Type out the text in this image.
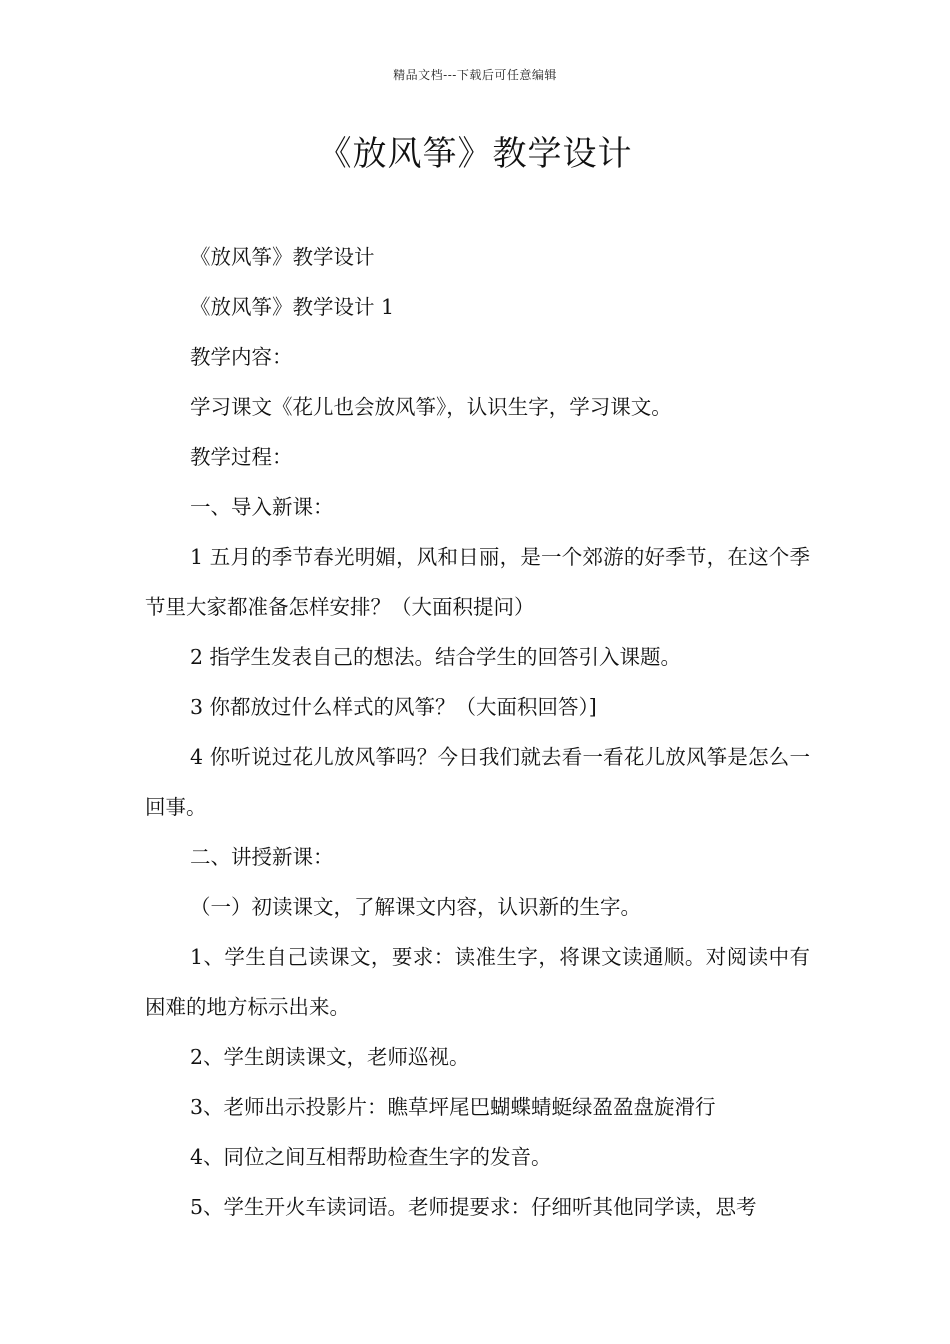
精品文档---下载后可任意编辑
《放风筝》教学设计

《放风筝》教学设计

《放风筝》教学设计 1

教学内容：

学习课文《花儿也会放风筝》，认识生字，学习课文。

教学过程：

一、导入新课：

1 五月的季节春光明媚，风和日丽，是一个郊游的好季节，在这个季节里大家都准备怎样安排？（大面积提问）

2 指学生发表自己的想法。结合学生的回答引入课题。

3 你都放过什么样式的风筝？（大面积回答）]

4 你听说过花儿放风筝吗？今日我们就去看一看花儿放风筝是怎么一回事。

二、讲授新课：

（一）初读课文，了解课文内容，认识新的生字。

1、学生自己读课文，要求：读准生字，将课文读通顺。对阅读中有困难的地方标示出来。

2、学生朗读课文，老师巡视。

3、老师出示投影片：瞧草坪尾巴蝴蝶蜻蜓绿盈盈盘旋滑行

4、同位之间互相帮助检查生字的发音。

5、学生开火车读词语。老师提要求：仔细听其他同学读，思考
